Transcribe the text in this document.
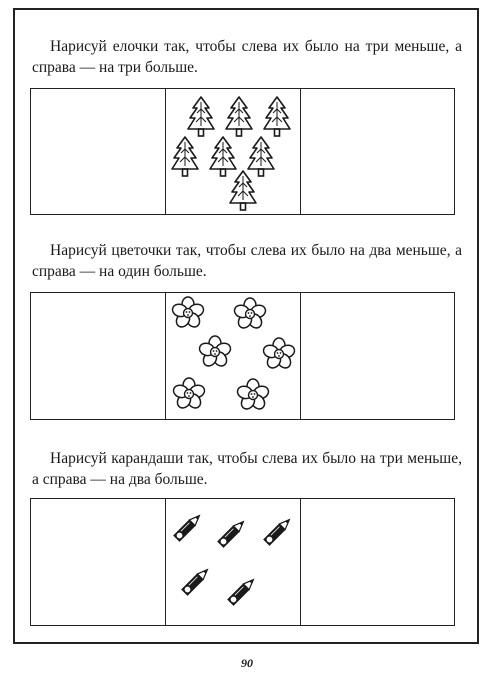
Нарисуй елочки так, чтобы слева их было на три меньше, а справа — на три больше.

Нарисуй цветочки так, чтобы слева их было на два меньше, а справа — на один больше.

Нарисуй карандаши так, чтобы слева их было на три меньше, а справа — на два больше.

90
